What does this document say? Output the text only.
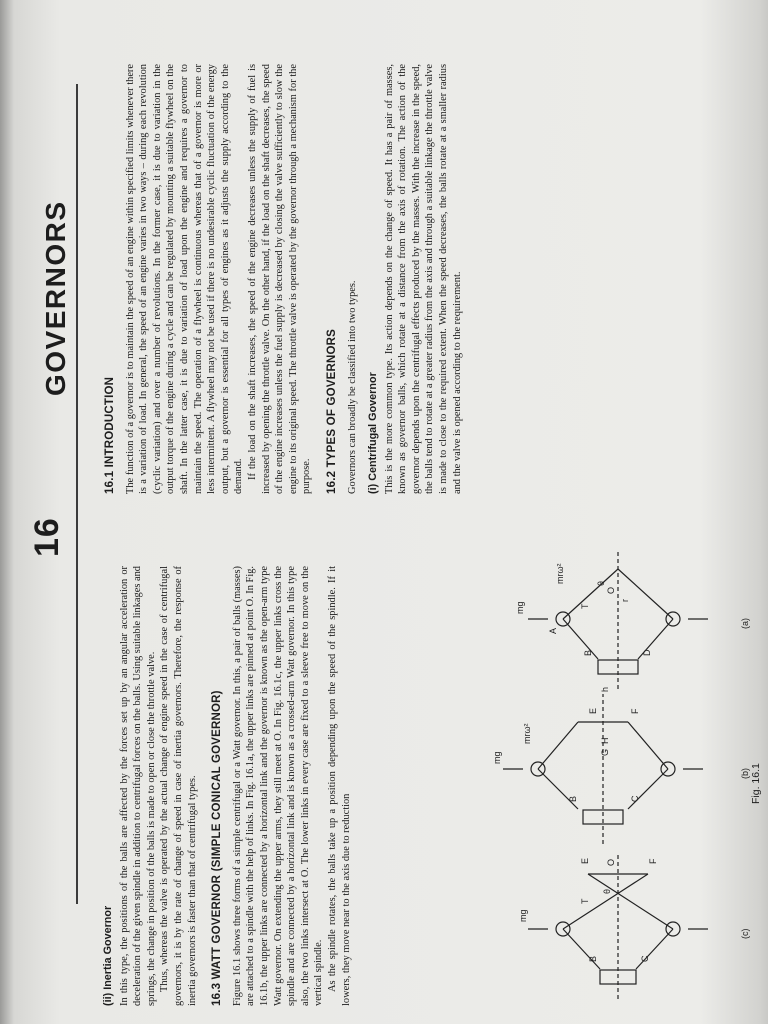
16
GOVERNORS
(ii) Inertia Governor In this type, the positions of the balls are affected by the forces set up by an angular acceleration or deceleration of the given spindle in addition to centrifugal forces on the balls. Using suitable linkages and springs, the change in position of the balls is made to open or close the throttle valve. Thus, whereas the valve is operated by the actual change of engine speed in the case of centrifugal governors, it is by the rate of change of speed in case of inertia governors. Therefore, the response of inertia governors is faster than that of centrifugal types. 16.3 WATT GOVERNOR (SIMPLE CONICAL GOVERNOR) Figure 16.1 shows three forms of a simple centrifugal or a Watt governor. In this, a pair of balls (masses) are attached to a spindle with the help of links. In Fig. 16.1a, the upper links are pinned at point O. In Fig. 16.1b, the upper links are connected by a horizontal link and the governor is known as the open-arm type Watt governor. On extending the upper arms, they still meet at O. In Fig. 16.1c, the upper links cross the spindle and are connected by a horizontal link and is known as a crossed-arm Watt governor. In this type also, the two links intersect at O. The lower links in every case are fixed to a sleeve free to move on the vertical spindle. As the spindle rotates, the balls take up a position depending upon the speed of the spindle. If it lowers, they move near to the axis due to reduction

16.1 INTRODUCTION The function of a governor is to maintain the speed of an engine within specified limits whenever there is a variation of load. In general, the speed of an engine varies in two ways – during each revolution (cyclic variation) and over a number of revolutions. In the former case, it is due to variation in the output torque of the engine during a cycle and can be regulated by mounting a suitable flywheel on the shaft. In the latter case, it is due to variation of load upon the engine and requires a governor to maintain the speed. The operation of a flywheel is continuous whereas that of a governor is more or less intermittent. A flywheel may not be used if there is no undesirable cyclic fluctuation of the energy output, but a governor is essential for all types of engines as it adjusts the supply according to the demand. If the load on the shaft increases, the speed of the engine decreases unless the supply of fuel is increased by opening the throttle valve. On the other hand, if the load on the shaft decreases, the speed of the engine increases unless the fuel supply is decreased by closing the valve sufficiently to slow the engine to its original speed. The throttle valve is operated by the governor through a mechanism for the purpose. 16.2 TYPES OF GOVERNORS Governors can broadly be classified into two types. (i) Centrifugal Governor This is the more common type. Its action depends on the change of speed. It has a pair of masses, known as governor balls, which rotate at a distance from the axis of rotation. The action of the governor depends upon the centrifugal effects produced by the masses. With the increase in the speed, the balls tend to rotate at a greater radius from the axis and through a suitable linkage the throttle valve is made to close to the required extent. When the speed decreases, the balls rotate at a smaller radius and the valve is opened according to the requirement.

O
A
B	D
T
r
mg
mrω²	θ
(a)
E	F
H
G
B	C
mg
mrω²
h
(b)
O
E	F
B	C
mg
T
θ
(c)
Fig. 16.1
